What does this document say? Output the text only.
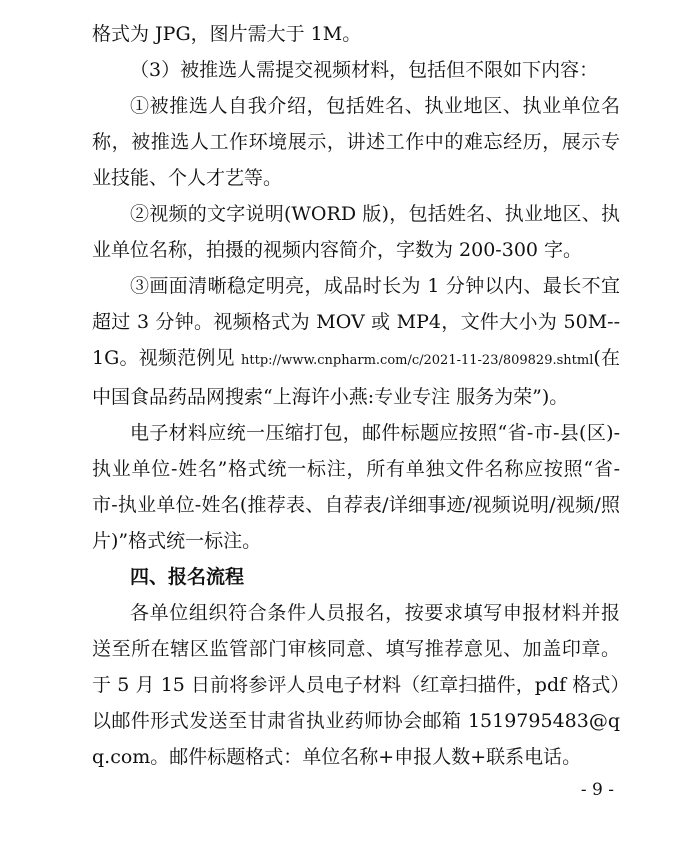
格式为 JPG，图片需大于 1M。

（3）被推选人需提交视频材料，包括但不限如下内容：

①被推选人自我介绍，包括姓名、执业地区、执业单位名称，被推选人工作环境展示，讲述工作中的难忘经历，展示专业技能、个人才艺等。

②视频的文字说明(WORD 版)，包括姓名、执业地区、执业单位名称，拍摄的视频内容简介，字数为 200-300 字。

③画面清晰稳定明亮，成品时长为 1 分钟以内、最长不宜超过 3 分钟。视频格式为 MOV 或 MP4，文件大小为 50M--1G。视频范例见 http://www.cnpharm.com/c/2021-11-23/809829.shtml(在中国食品药品网搜索“上海许小燕:专业专注 服务为荣”)。

电子材料应统一压缩打包，邮件标题应按照“省-市-县(区)-执业单位-姓名”格式统一标注，所有单独文件名称应按照“省-市-执业单位-姓名(推荐表、自荐表/详细事迹/视频说明/视频/照片)”格式统一标注。

四、报名流程

各单位组织符合条件人员报名，按要求填写申报材料并报送至所在辖区监管部门审核同意、填写推荐意见、加盖印章。 于 5 月 15 日前将参评人员电子材料（红章扫描件，pdf 格式）以邮件形式发送至甘肃省执业药师协会邮箱 1519795483@qq.com。邮件标题格式：单位名称+申报人数+联系电话。

- 9 -
